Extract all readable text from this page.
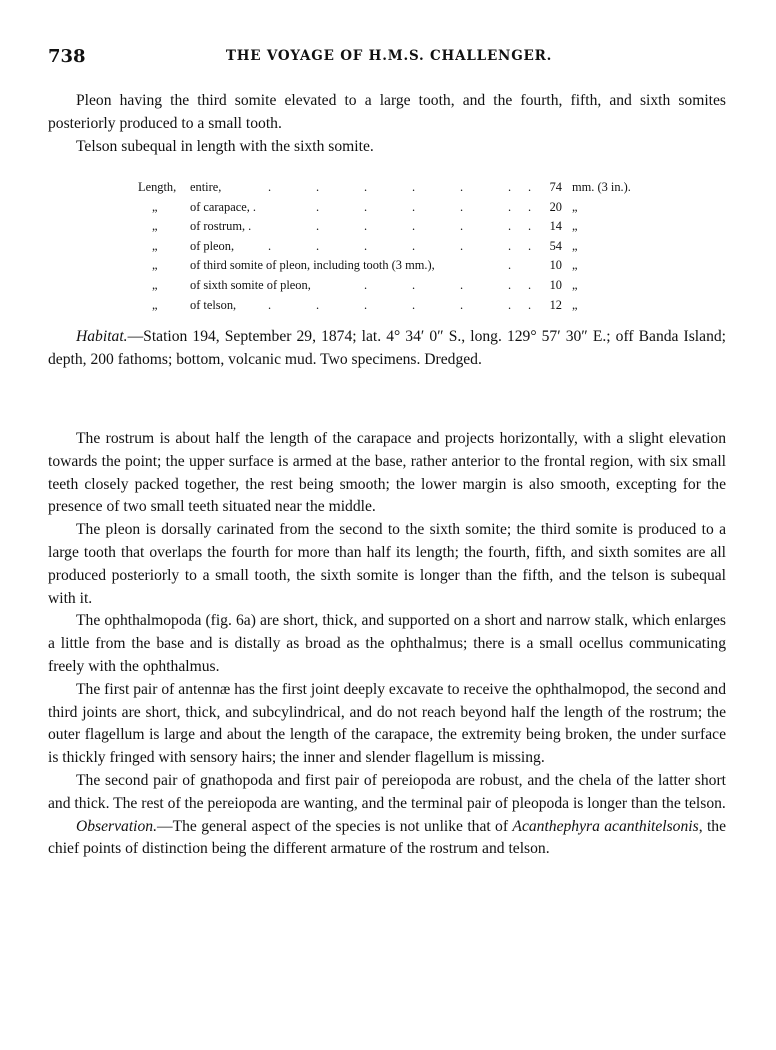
738	THE VOYAGE OF H.M.S. CHALLENGER.

Pleon having the third somite elevated to a large tooth, and the fourth, fifth, and sixth somites posteriorly produced to a small tooth.

Telson subequal in length with the sixth somite.

Length,	entire,	.	74 mm. (3 in.).
.	.	.	.	.	.
„	of carapace, .	.	20 „
.	.	.	.	.
„	of rostrum, .	.	14 „
.	.	.	.	.
„	of pleon,	.	54 „
.	.	.	.	.	.
„	of third somite of pleon, including tooth (3 mm.),	.	10 „
„	of sixth somite of pleon,	.	10 „
.	.	.	.
„	of telson,	.	12 „
.	.	.	.	.	.

Habitat.—Station 194, September 29, 1874; lat. 4° 34′ 0″ S., long. 129° 57′ 30″ E.; off Banda Island; depth, 200 fathoms; bottom, volcanic mud. Two specimens. Dredged.

The rostrum is about half the length of the carapace and projects horizontally, with a slight elevation towards the point; the upper surface is armed at the base, rather anterior to the frontal region, with six small teeth closely packed together, the rest being smooth; the lower margin is also smooth, excepting for the presence of two small teeth situated near the middle.

The pleon is dorsally carinated from the second to the sixth somite; the third somite is produced to a large tooth that overlaps the fourth for more than half its length; the fourth, fifth, and sixth somites are all produced posteriorly to a small tooth, the sixth somite is longer than the fifth, and the telson is subequal with it.

The ophthalmopoda (fig. 6a) are short, thick, and supported on a short and narrow stalk, which enlarges a little from the base and is distally as broad as the ophthalmus; there is a small ocellus communicating freely with the ophthalmus.

The first pair of antennæ has the first joint deeply excavate to receive the ophthalmopod, the second and third joints are short, thick, and subcylindrical, and do not reach beyond half the length of the rostrum; the outer flagellum is large and about the length of the carapace, the extremity being broken, the under surface is thickly fringed with sensory hairs; the inner and slender flagellum is missing.

The second pair of gnathopoda and first pair of pereiopoda are robust, and the chela of the latter short and thick. The rest of the pereiopoda are wanting, and the terminal pair of pleopoda is longer than the telson.

Observation.—The general aspect of the species is not unlike that of Acanthephyra acanthitelsonis, the chief points of distinction being the different armature of the rostrum and telson.
